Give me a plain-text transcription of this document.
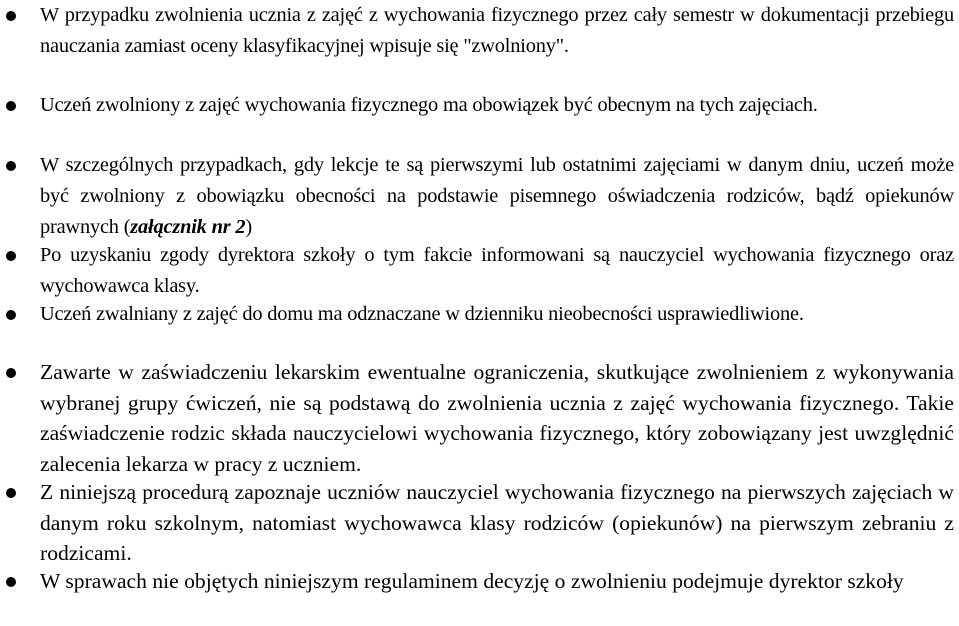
W przypadku zwolnienia ucznia z zajęć z wychowania fizycznego przez cały semestr w dokumentacji przebiegu nauczania zamiast oceny klasyfikacyjnej wpisuje się "zwolniony".

Uczeń zwolniony z zajęć wychowania fizycznego ma obowiązek być obecnym na tych zajęciach.

W szczególnych przypadkach, gdy lekcje te są pierwszymi lub ostatnimi zajęciami w danym dniu, uczeń może być zwolniony z obowiązku obecności na podstawie pisemnego oświadczenia rodziców, bądź opiekunów prawnych (załącznik nr 2)

Po uzyskaniu zgody dyrektora szkoły o tym fakcie informowani są nauczyciel wychowania fizycznego oraz wychowawca klasy.

Uczeń zwalniany z zajęć do domu ma odznaczane w dzienniku nieobecności usprawiedliwione.

Zawarte w zaświadczeniu lekarskim ewentualne ograniczenia, skutkujące zwolnieniem z wykonywania wybranej grupy ćwiczeń, nie są podstawą do zwolnienia ucznia z zajęć wychowania fizycznego. Takie zaświadczenie rodzic składa nauczycielowi wychowania fizycznego, który zobowiązany jest uwzględnić zalecenia lekarza w pracy z uczniem.

Z niniejszą procedurą zapoznaje uczniów nauczyciel wychowania fizycznego na pierwszych zajęciach w danym roku szkolnym, natomiast wychowawca klasy rodziców (opiekunów) na pierwszym zebraniu z rodzicami.

W sprawach nie objętych niniejszym regulaminem decyzję o zwolnieniu podejmuje dyrektor szkoły
